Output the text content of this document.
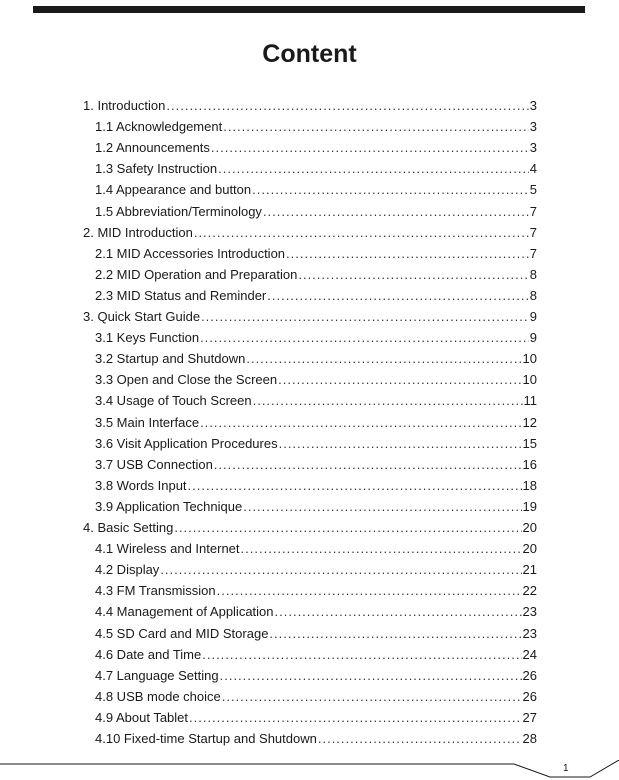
Content
1. Introduction .....	3
1.1 Acknowledgement .....	3
1.2 Announcements .....	3
1.3 Safety Instruction .....	4
1.4 Appearance and button .....	5
1.5 Abbreviation/Terminology .....	7
2. MID Introduction .....	7
2.1 MID Accessories Introduction .....	7
2.2 MID Operation and Preparation .....	8
2.3 MID Status and Reminder .....	8
3. Quick Start Guide .....	9
3.1 Keys Function .....	9
3.2 Startup and Shutdown .....	10
3.3 Open and Close the Screen .....	10
3.4 Usage of Touch Screen .....	11
3.5 Main Interface .....	12
3.6 Visit Application Procedures .....	15
3.7 USB Connection .....	16
3.8 Words Input .....	18
3.9 Application Technique .....	19
4. Basic Setting .....	20
4.1 Wireless and Internet .....	20
4.2 Display .....	21
4.3 FM Transmission .....	22
4.4 Management of Application .....	23
4.5 SD Card and MID Storage .....	23
4.6 Date and Time .....	24
4.7 Language Setting .....	26
4.8 USB mode choice .....	26
4.9 About Tablet .....	27
4.10 Fixed-time Startup and Shutdown .....	28
1
